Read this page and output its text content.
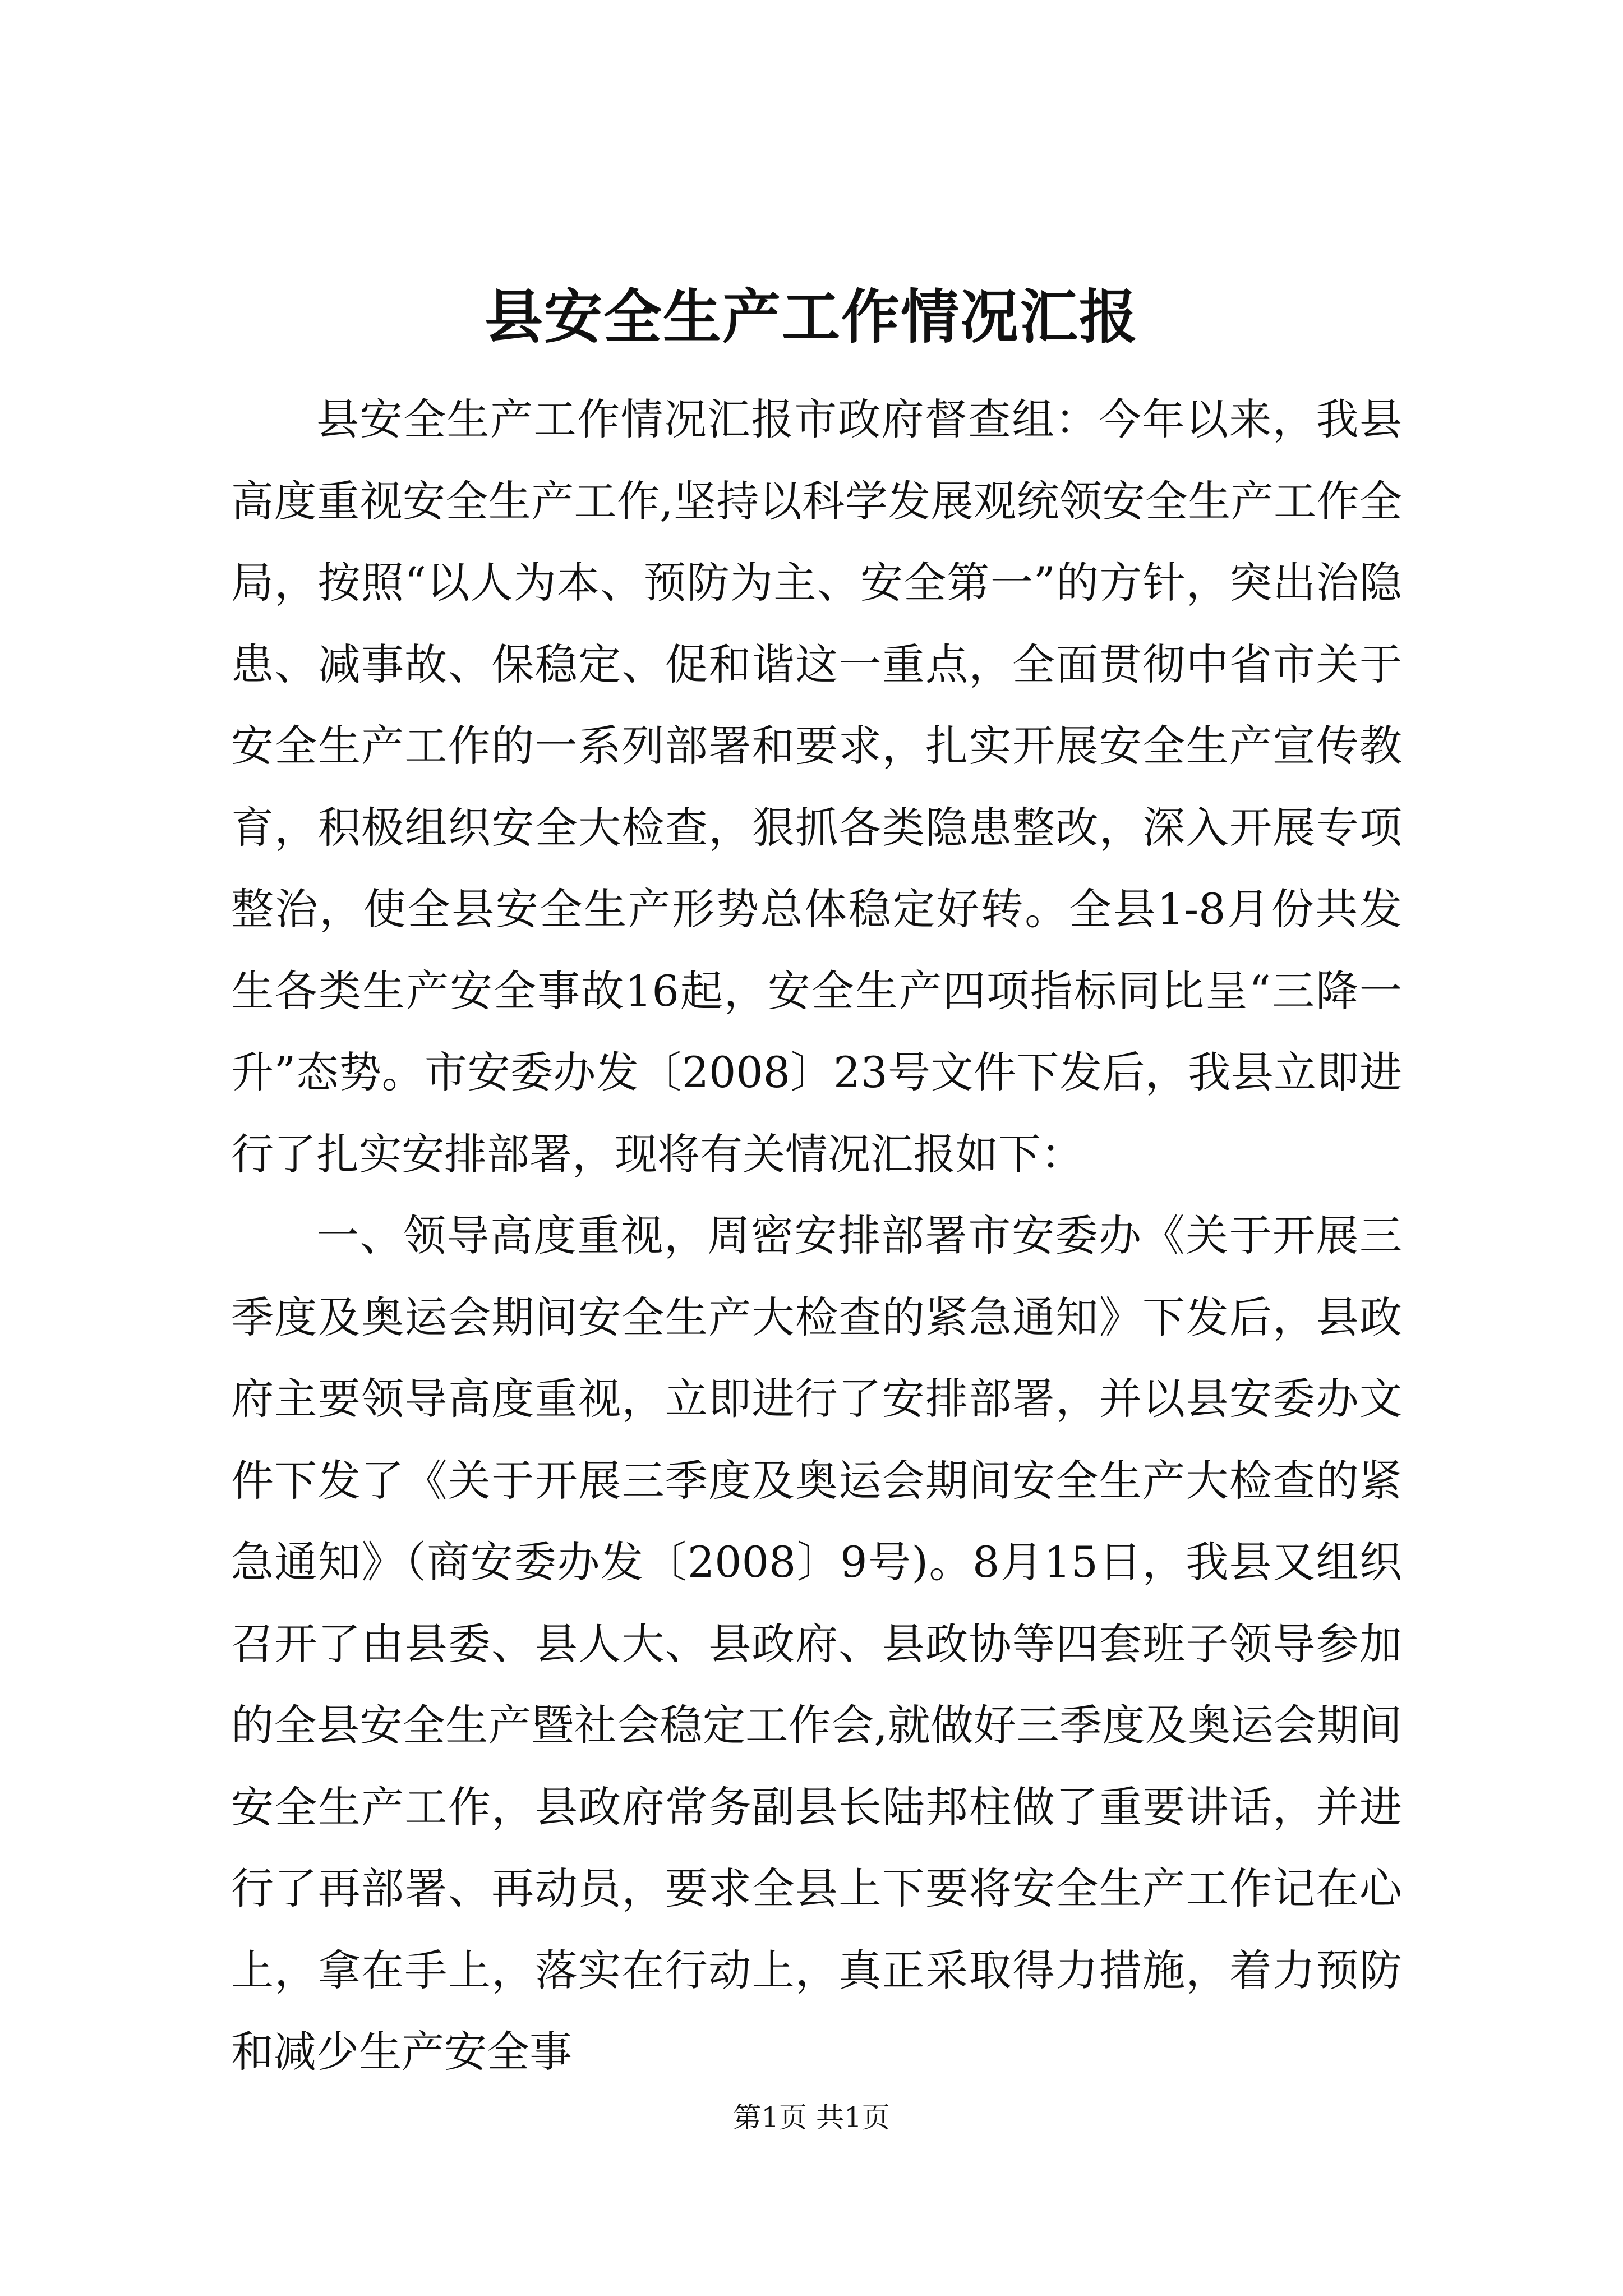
县安全生产工作情况汇报

县安全生产工作情况汇报市政府督查组：今年以来，我县高度重视安全生产工作,坚持以科学发展观统领安全生产工作全局，按照“以人为本、预防为主、安全第一”的方针，突出治隐患、减事故、保稳定、促和谐这一重点，全面贯彻中省市关于安全生产工作的一系列部署和要求，扎实开展安全生产宣传教育，积极组织安全大检查，狠抓各类隐患整改，深入开展专项整治，使全县安全生产形势总体稳定好转。全县1-8月份共发生各类生产安全事故16起，安全生产四项指标同比呈“三降一升”态势。市安委办发〔2008〕23号文件下发后，我县立即进行了扎实安排部署，现将有关情况汇报如下：

一、领导高度重视，周密安排部署市安委办《关于开展三季度及奥运会期间安全生产大检查的紧急通知》下发后，县政府主要领导高度重视，立即进行了安排部署，并以县安委办文件下发了《关于开展三季度及奥运会期间安全生产大检查的紧急通知》（商安委办发〔2008〕9号)。8月15日，我县又组织召开了由县委、县人大、县政府、县政协等四套班子领导参加的全县安全生产暨社会稳定工作会,就做好三季度及奥运会期间安全生产工作，县政府常务副县长陆邦柱做了重要讲话，并进行了再部署、再动员，要求全县上下要将安全生产工作记在心上，拿在手上，落实在行动上，真正采取得力措施，着力预防和减少生产安全事

第1页 共1页
